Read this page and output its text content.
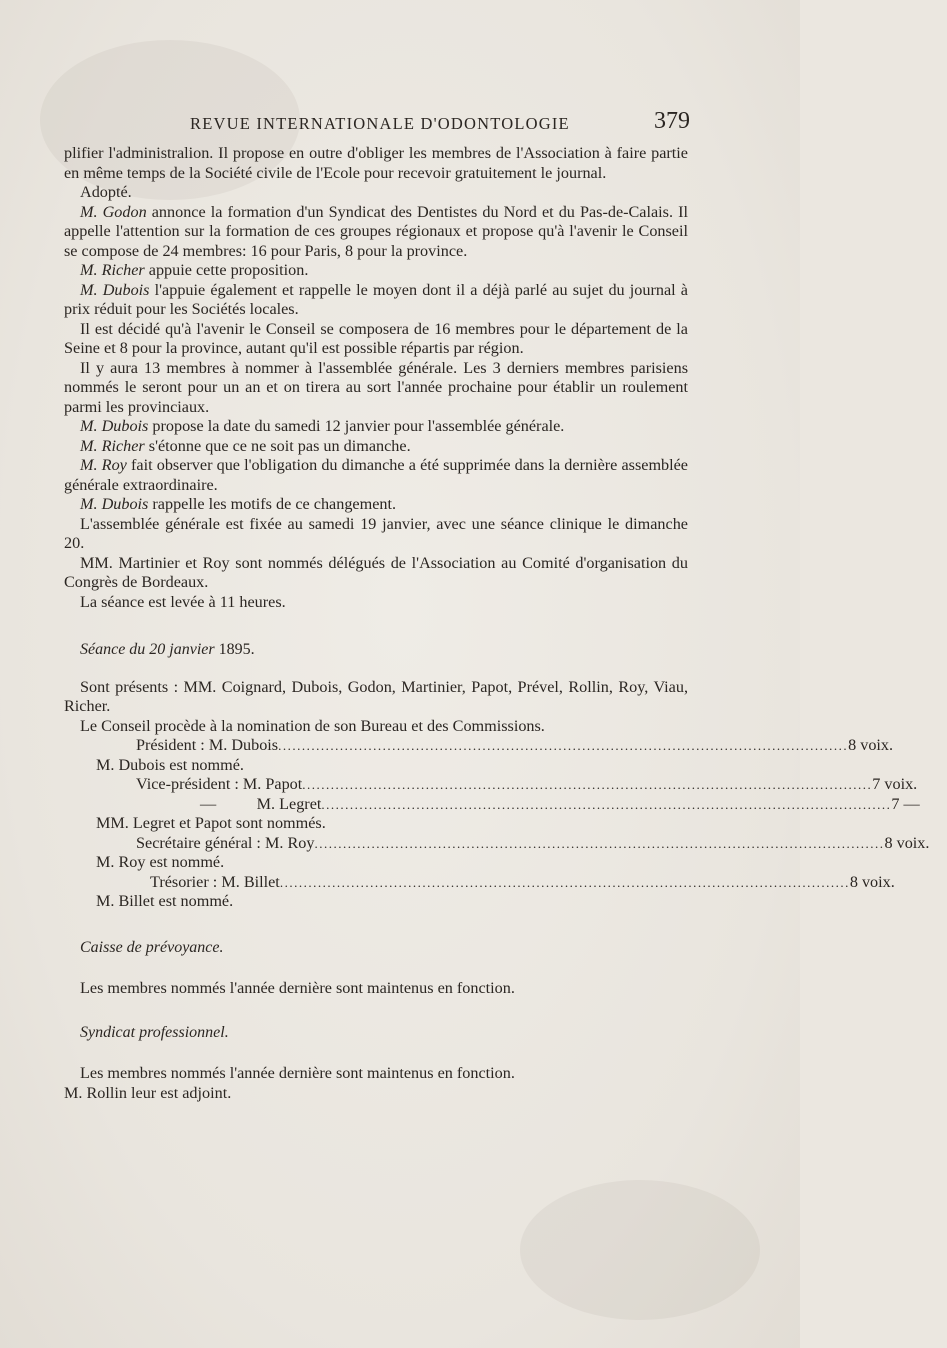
REVUE INTERNATIONALE D'ODONTOLOGIE	379

plifier l'administralion. Il propose en outre d'obliger les membres de l'Association à faire partie en même temps de la Société civile de l'Ecole pour recevoir gratuitement le journal.

Adopté.

M. Godon annonce la formation d'un Syndicat des Dentistes du Nord et du Pas-de-Calais. Il appelle l'attention sur la formation de ces groupes régionaux et propose qu'à l'avenir le Conseil se compose de 24 membres: 16 pour Paris, 8 pour la province.

M. Richer appuie cette proposition.

M. Dubois l'appuie également et rappelle le moyen dont il a déjà parlé au sujet du journal à prix réduit pour les Sociétés locales.

Il est décidé qu'à l'avenir le Conseil se composera de 16 membres pour le département de la Seine et 8 pour la province, autant qu'il est possible répartis par région.

Il y aura 13 membres à nommer à l'assemblée générale. Les 3 derniers membres parisiens nommés le seront pour un an et on tirera au sort l'année prochaine pour établir un roulement parmi les provinciaux.

M. Dubois propose la date du samedi 12 janvier pour l'assemblée générale.

M. Richer s'étonne que ce ne soit pas un dimanche.

M. Roy fait observer que l'obligation du dimanche a été supprimée dans la dernière assemblée générale extraordinaire.

M. Dubois rappelle les motifs de ce changement.

L'assemblée générale est fixée au samedi 19 janvier, avec une séance clinique le dimanche 20.

MM. Martinier et Roy sont nommés délégués de l'Association au Comité d'organisation du Congrès de Bordeaux.

La séance est levée à 11 heures.

Séance du 20 janvier 1895.

Sont présents : MM. Coignard, Dubois, Godon, Martinier, Papot, Prével, Rollin, Roy, Viau, Richer.

Le Conseil procède à la nomination de son Bureau et des Commissions.

Président : M. Dubois ........................................................................................................................ 8 voix.

M. Dubois est nommé.

Vice-président : M. Papot ........................................................................................................................ 7 voix.
—          M. Legret ........................................................................................................................ 7 —

MM. Legret et Papot sont nommés.

Secrétaire général : M. Roy ........................................................................................................................ 8 voix.

M. Roy est nommé.

Trésorier : M. Billet ........................................................................................................................ 8 voix.

M. Billet est nommé.

Caisse de prévoyance.

Les membres nommés l'année dernière sont maintenus en fonction.

Syndicat professionnel.

Les membres nommés l'année dernière sont maintenus en fonction.

M. Rollin leur est adjoint.
